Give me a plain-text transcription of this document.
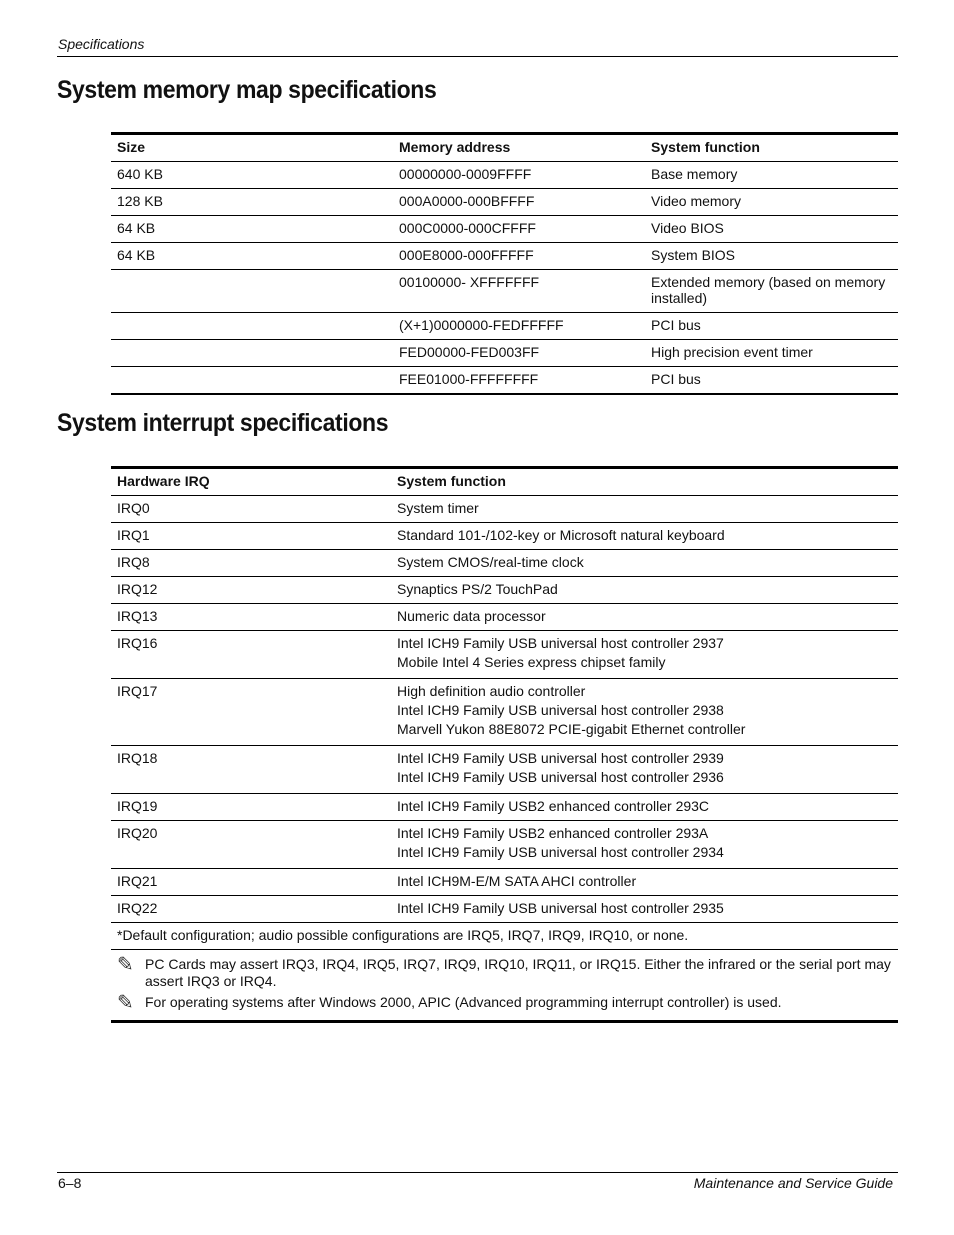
Specifications
System memory map specifications
Size	Memory address	System function
640 KB	00000000-0009FFFF	Base memory
128 KB	000A0000-000BFFFF	Video memory
64 KB	000C0000-000CFFFF	Video BIOS
64 KB	000E8000-000FFFFF	System BIOS
	00100000- XFFFFFFF	Extended memory (based on memory installed)
	(X+1)0000000-FEDFFFFF	PCI bus
	FED00000-FED003FF	High precision event timer
	FEE01000-FFFFFFFF	PCI bus
System interrupt specifications
Hardware IRQ	System function
IRQ0	System timer

IRQ1	Standard 101-/102-key or Microsoft natural keyboard

IRQ8	System CMOS/real-time clock

IRQ12	Synaptics PS/2 TouchPad

IRQ13	Numeric data processor

IRQ16	Intel ICH9 Family USB universal host controller 2937
Mobile Intel 4 Series express chipset family

IRQ17	High definition audio controller
Intel ICH9 Family USB universal host controller 2938
Marvell Yukon 88E8072 PCIE-gigabit Ethernet controller

IRQ18	Intel ICH9 Family USB universal host controller 2939
Intel ICH9 Family USB universal host controller 2936

IRQ19	Intel ICH9 Family USB2 enhanced controller 293C

IRQ20	Intel ICH9 Family USB2 enhanced controller 293A
Intel ICH9 Family USB universal host controller 2934

IRQ21	Intel ICH9M-E/M SATA AHCI controller

IRQ22	Intel ICH9 Family USB universal host controller 2935

*Default configuration; audio possible configurations are IRQ5, IRQ7, IRQ9, IRQ10, or none.	

✎ PC Cards may assert IRQ3, IRQ4, IRQ5, IRQ7, IRQ9, IRQ10, IRQ11, or IRQ15. Either the infrared or the serial port may assert IRQ3 or IRQ4.
✎ For operating systems after Windows 2000, APIC (Advanced programming interrupt controller) is used.	
6–8	Maintenance and Service Guide
